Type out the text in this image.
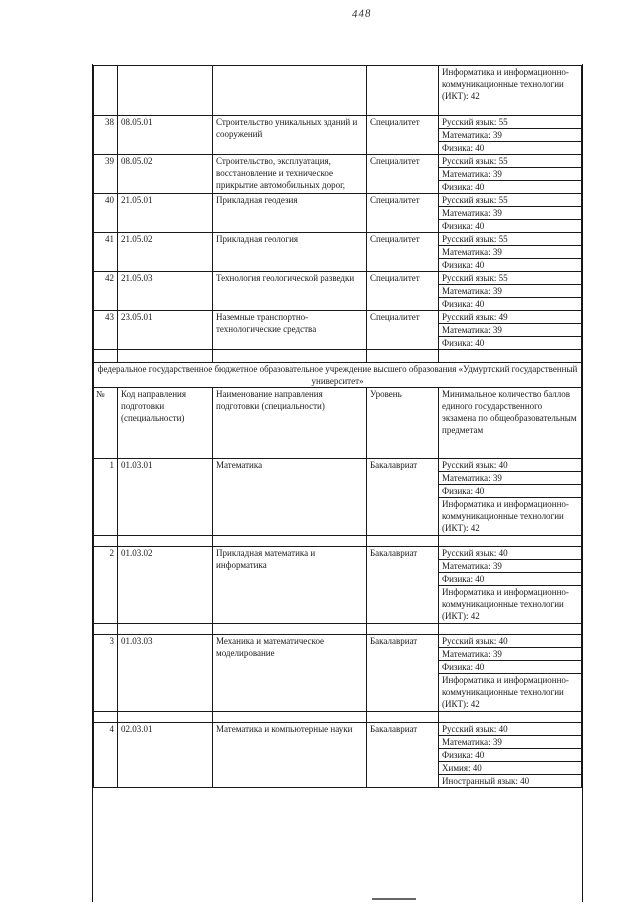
448
				Информатика и информационно-коммуникационные технологии (ИКТ): 42
38	08.05.01	Строительство уникальных зданий и сооружений	Специалитет	Русский язык: 55
				Математика: 39
				Физика: 40
39	08.05.02	Строительство, эксплуатация, восстановление и техническое прикрытие автомобильных дорог,	Специалитет	Русский язык: 55
				Математика: 39
				Физика: 40
40	21.05.01	Прикладная геодезия	Специалитет	Русский язык: 55
				Математика: 39
				Физика: 40
41	21.05.02	Прикладная геология	Специалитет	Русский язык: 55
				Математика: 39
				Физика: 40
42	21.05.03	Технология геологической разведки	Специалитет	Русский язык: 55
				Математика: 39
				Физика: 40
43	23.05.01	Наземные транспортно-технологические средства	Специалитет	Русский язык: 49
				Математика: 39
				Физика: 40

федеральное государственное бюджетное образовательное учреждение высшего образования «Удмуртский государственный университет»				
№	Код направления подготовки (специальности)	Наименование направления подготовки (специальности)	Уровень	Минимальное количество баллов единого государственного экзамена по общеобразовательным предметам
1	01.03.01	Математика	Бакалавриат	Русский язык: 40
				Математика: 39
				Физика: 40
				Информатика и информационно-коммуникационные технологии (ИКТ): 42

2	01.03.02	Прикладная математика и информатика	Бакалавриат	Русский язык: 40
				Математика: 39
				Физика: 40
				Информатика и информационно-коммуникационные технологии (ИКТ): 42

3	01.03.03	Механика и математическое моделирование	Бакалавриат	Русский язык: 40
				Математика: 39
				Физика: 40
				Информатика и информационно-коммуникационные технологии (ИКТ): 42

4	02.03.01	Математика и компьютерные науки	Бакалавриат	Русский язык: 40
				Математика: 39
				Физика: 40
				Химия: 40
				Иностранный язык: 40
